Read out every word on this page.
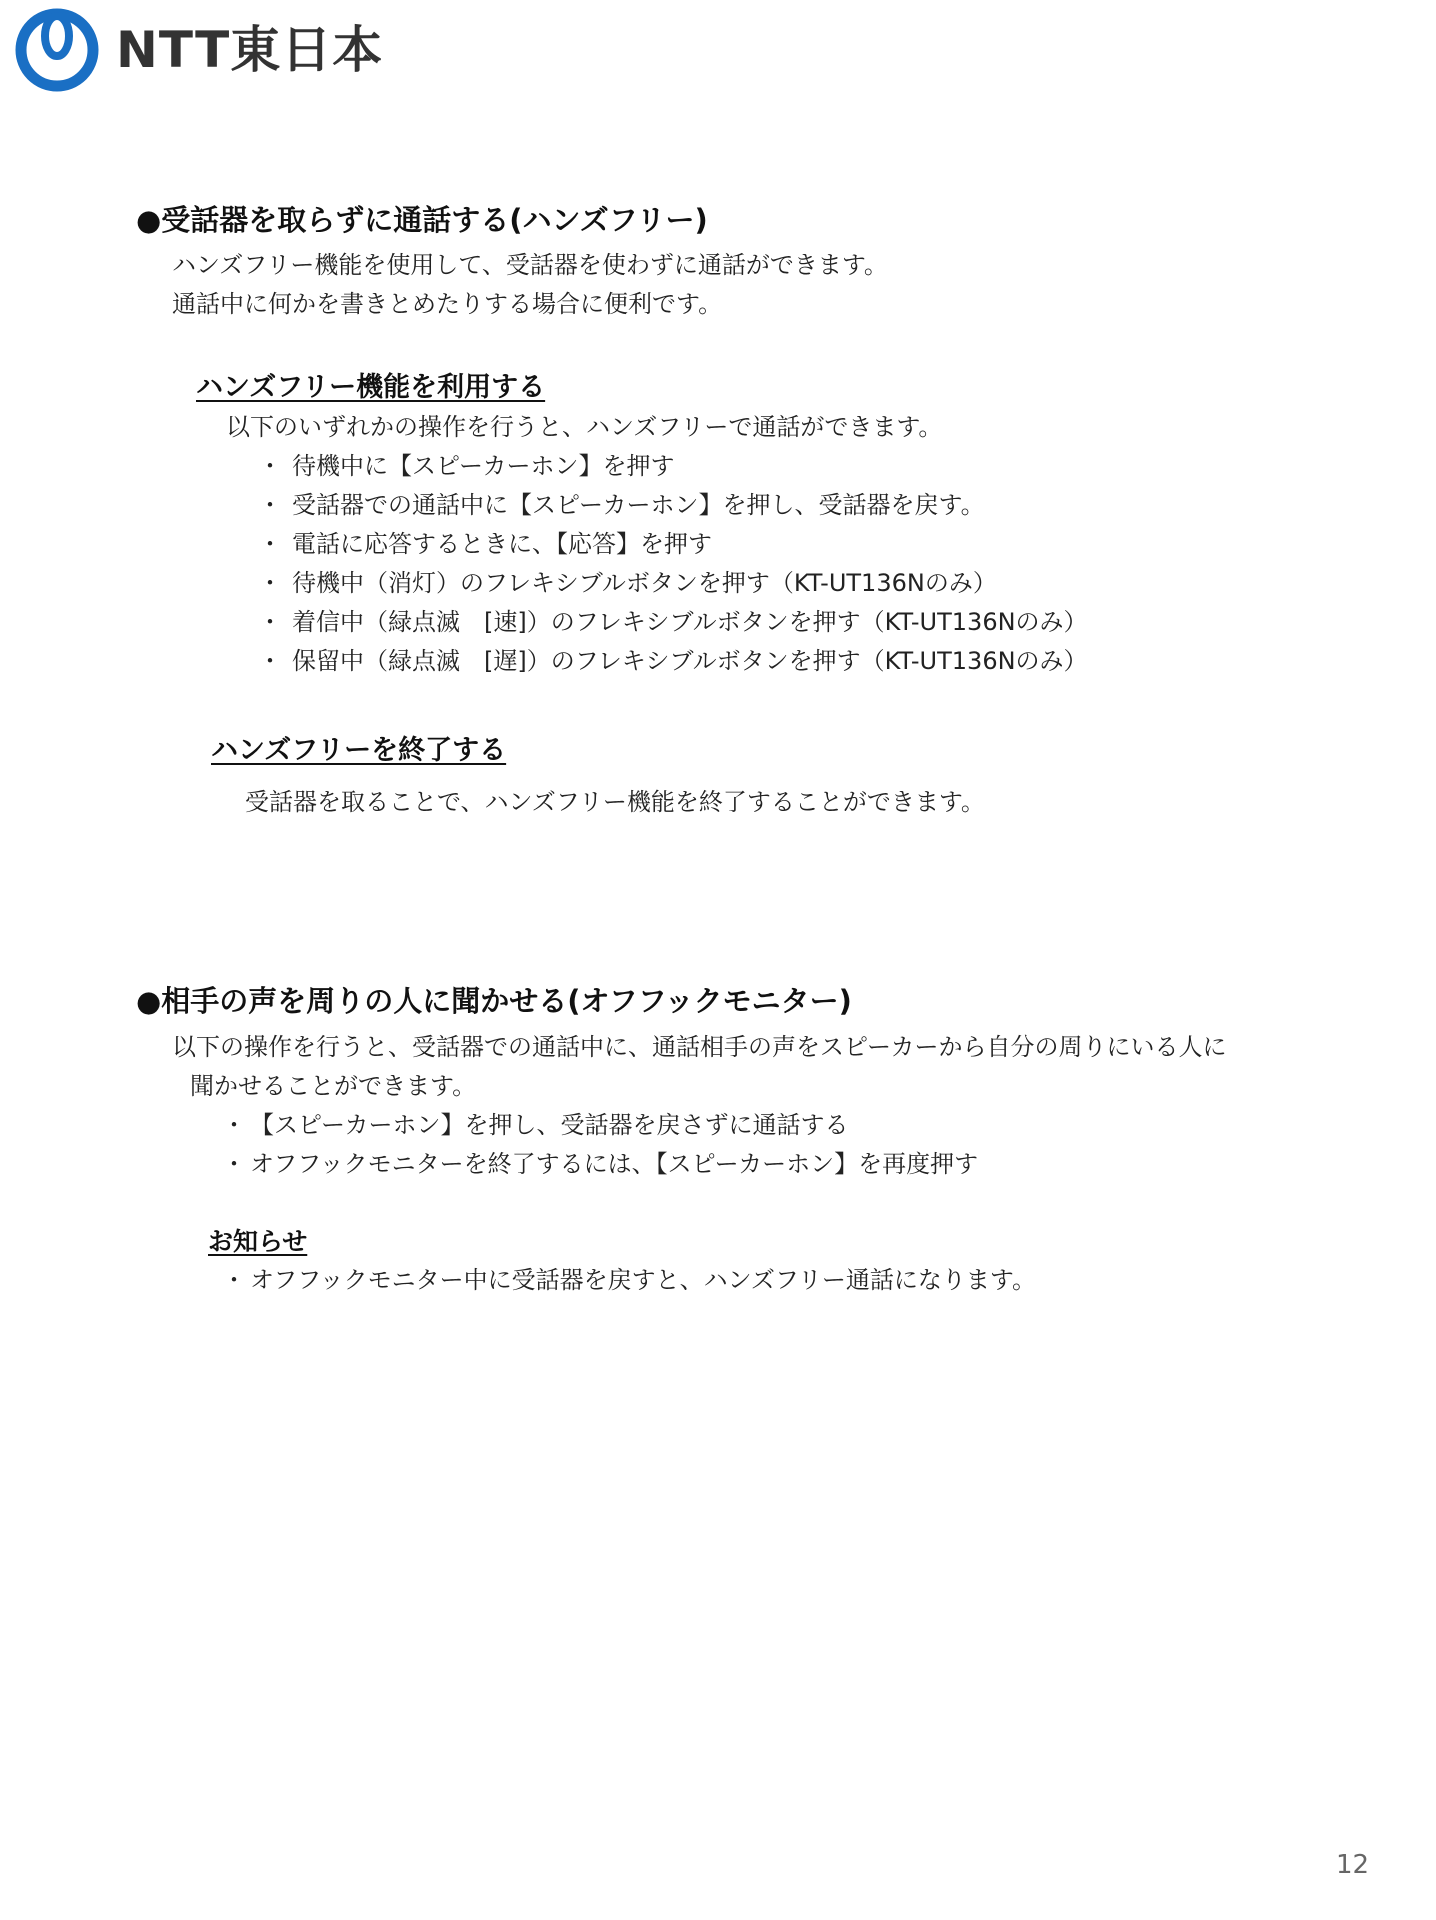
NTT東日本
●受話器を取らずに通話する(ハンズフリー)
ハンズフリー機能を使用して、受話器を使わずに通話ができます。
通話中に何かを書きとめたりする場合に便利です。
ハンズフリー機能を利用する
以下のいずれかの操作を行うと、ハンズフリーで通話ができます。
・ 待機中に【スピーカーホン】を押す
・ 受話器での通話中に【スピーカーホン】を押し、受話器を戻す。
・ 電話に応答するときに、【応答】を押す
・ 待機中（消灯）のフレキシブルボタンを押す（KT-UT136Nのみ）
・ 着信中（緑点滅　[速]）のフレキシブルボタンを押す（KT-UT136Nのみ）
・ 保留中（緑点滅　[遅]）のフレキシブルボタンを押す（KT-UT136Nのみ）
ハンズフリーを終了する
受話器を取ることで、ハンズフリー機能を終了することができます。
●相手の声を周りの人に聞かせる(オフフックモニター)
以下の操作を行うと、受話器での通話中に、通話相手の声をスピーカーから自分の周りにいる人に
聞かせることができます。
・ 【スピーカーホン】を押し、受話器を戻さずに通話する
・ オフフックモニターを終了するには、【スピーカーホン】を再度押す
お知らせ
・ オフフックモニター中に受話器を戻すと、ハンズフリー通話になります。
12
